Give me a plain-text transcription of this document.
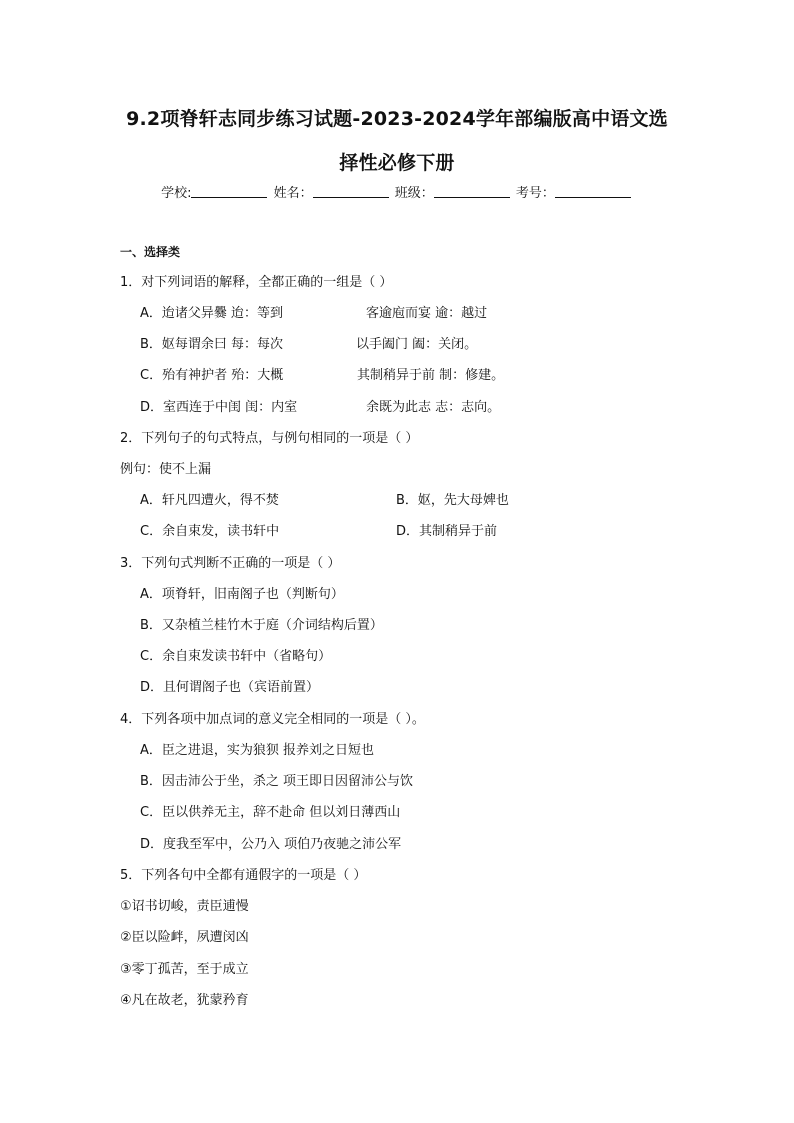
9.2项脊轩志同步练习试题-2023-2024学年部编版高中语文选
择性必修下册
学校:	姓名：	班级：	考号：
一、选择类
1．对下列词语的解释，全都正确的一组是（ ）
A．迨诸父异爨 迨：等到	客逾庖而宴 逾：越过
B．妪每谓余曰 每：每次	以手阖门 阖：关闭。
C．殆有神护者 殆：大概	其制稍异于前 制：修建。
D．室西连于中闺 闺：内室	余既为此志 志：志向。
2．下列句子的句式特点，与例句相同的一项是（ ）
例句：使不上漏
A．轩凡四遭火，得不焚	B．妪，先大母婢也
C．余自束发，读书轩中	D．其制稍异于前
3．下列句式判断不正确的一项是（ ）
A．项脊轩，旧南阁子也（判断句）
B．又杂植兰桂竹木于庭（介词结构后置）
C．余自束发读书轩中（省略句）
D．且何谓阁子也（宾语前置）
4．下列各项中加点词的意义完全相同的一项是（ ）。
A．臣之进退，实为狼狈 报养刘之日短也
B．因击沛公于坐，杀之 项王即日因留沛公与饮
C．臣以供养无主，辞不赴命 但以刘日薄西山
D．度我至军中，公乃入 项伯乃夜驰之沛公军
5．下列各句中全都有通假字的一项是（ ）
①诏书切峻，责臣逋慢
②臣以险衅，夙遭闵凶
③零丁孤苦，至于成立
④凡在故老，犹蒙矜育
